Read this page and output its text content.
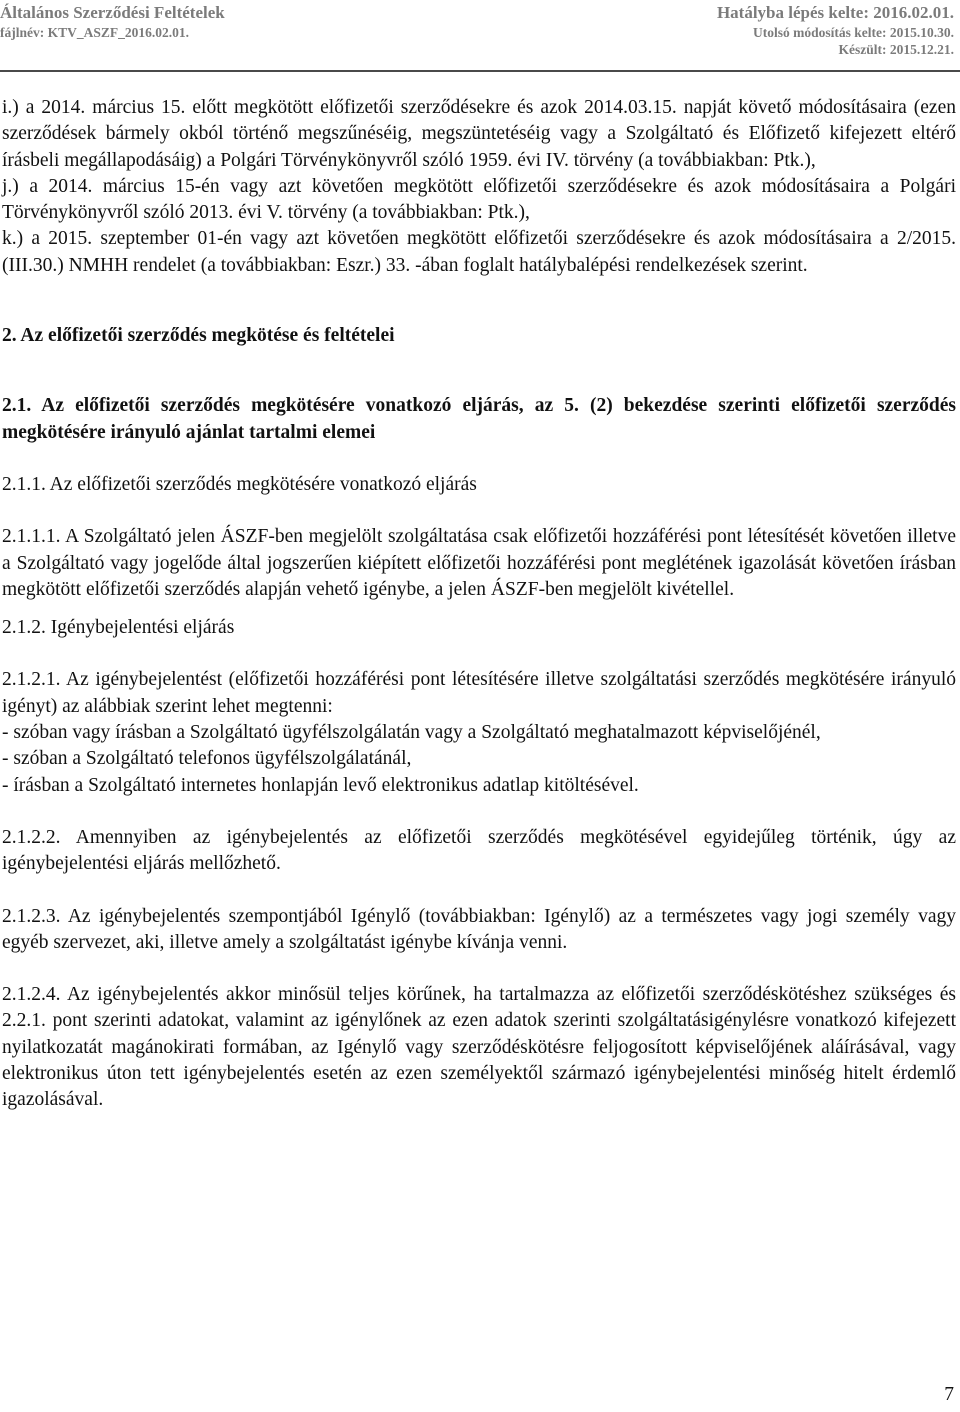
Általános Szerződési Feltételek
fájlnév: KTV_ASZF_2016.02.01.
Hatályba lépés kelte: 2016.02.01.
Utolsó módosítás kelte: 2015.10.30.
Készült: 2015.12.21.

i.) a 2014. március 15. előtt megkötött előfizetői szerződésekre és azok 2014.03.15. napját követő módosításaira (ezen szerződések bármely okból történő megszűnéséig, megszüntetéséig vagy a Szolgáltató és Előfizető kifejezett eltérő írásbeli megállapodásáig) a Polgári Törvénykönyvről szóló 1959. évi IV. törvény (a továbbiakban: Ptk.),

j.) a 2014. március 15-én vagy azt követően megkötött előfizetői szerződésekre és azok módosításaira a Polgári Törvénykönyvről szóló 2013. évi V. törvény (a továbbiakban: Ptk.),

k.) a 2015. szeptember 01-én vagy azt követően megkötött előfizetői szerződésekre és azok módosításaira a 2/2015. (III.30.) NMHH rendelet (a továbbiakban: Eszr.) 33. -ában foglalt hatálybalépési rendelkezések szerint.

2. Az előfizetői szerződés megkötése és feltételei

2.1. Az előfizetői szerződés megkötésére vonatkozó eljárás, az 5. (2) bekezdése szerinti előfizetői szerződés megkötésére irányuló ajánlat tartalmi elemei

2.1.1. Az előfizetői szerződés megkötésére vonatkozó eljárás

2.1.1.1. A Szolgáltató jelen ÁSZF-ben megjelölt szolgáltatása csak előfizetői hozzáférési pont létesítését követően illetve a Szolgáltató vagy jogelőde által jogszerűen kiépített előfizetői hozzáférési pont meglétének igazolását követően írásban megkötött előfizetői szerződés alapján vehető igénybe, a jelen ÁSZF-ben megjelölt kivétellel.

2.1.2. Igénybejelentési eljárás

2.1.2.1. Az igénybejelentést (előfizetői hozzáférési pont létesítésére illetve szolgáltatási szerződés megkötésére irányuló igényt) az alábbiak szerint lehet megtenni:

- szóban vagy írásban a Szolgáltató ügyfélszolgálatán vagy a Szolgáltató meghatalmazott képviselőjénél,

- szóban a Szolgáltató telefonos ügyfélszolgálatánál,

- írásban a Szolgáltató internetes honlapján levő elektronikus adatlap kitöltésével.

2.1.2.2. Amennyiben az igénybejelentés az előfizetői szerződés megkötésével egyidejűleg történik, úgy az igénybejelentési eljárás mellőzhető.

2.1.2.3. Az igénybejelentés szempontjából Igénylő (továbbiakban: Igénylő) az a természetes vagy jogi személy vagy egyéb szervezet, aki, illetve amely a szolgáltatást igénybe kívánja venni.

2.1.2.4. Az igénybejelentés akkor minősül teljes körűnek, ha tartalmazza az előfizetői szerződéskötéshez szükséges és 2.2.1. pont szerinti adatokat, valamint az igénylőnek az ezen adatok szerinti szolgáltatásigénylésre vonatkozó kifejezett nyilatkozatát magánokirati formában, az Igénylő vagy szerződéskötésre feljogosított képviselőjének aláírásával, vagy elektronikus úton tett igénybejelentés esetén az ezen személyektől származó igénybejelentési minőség hitelt érdemlő igazolásával.

7
